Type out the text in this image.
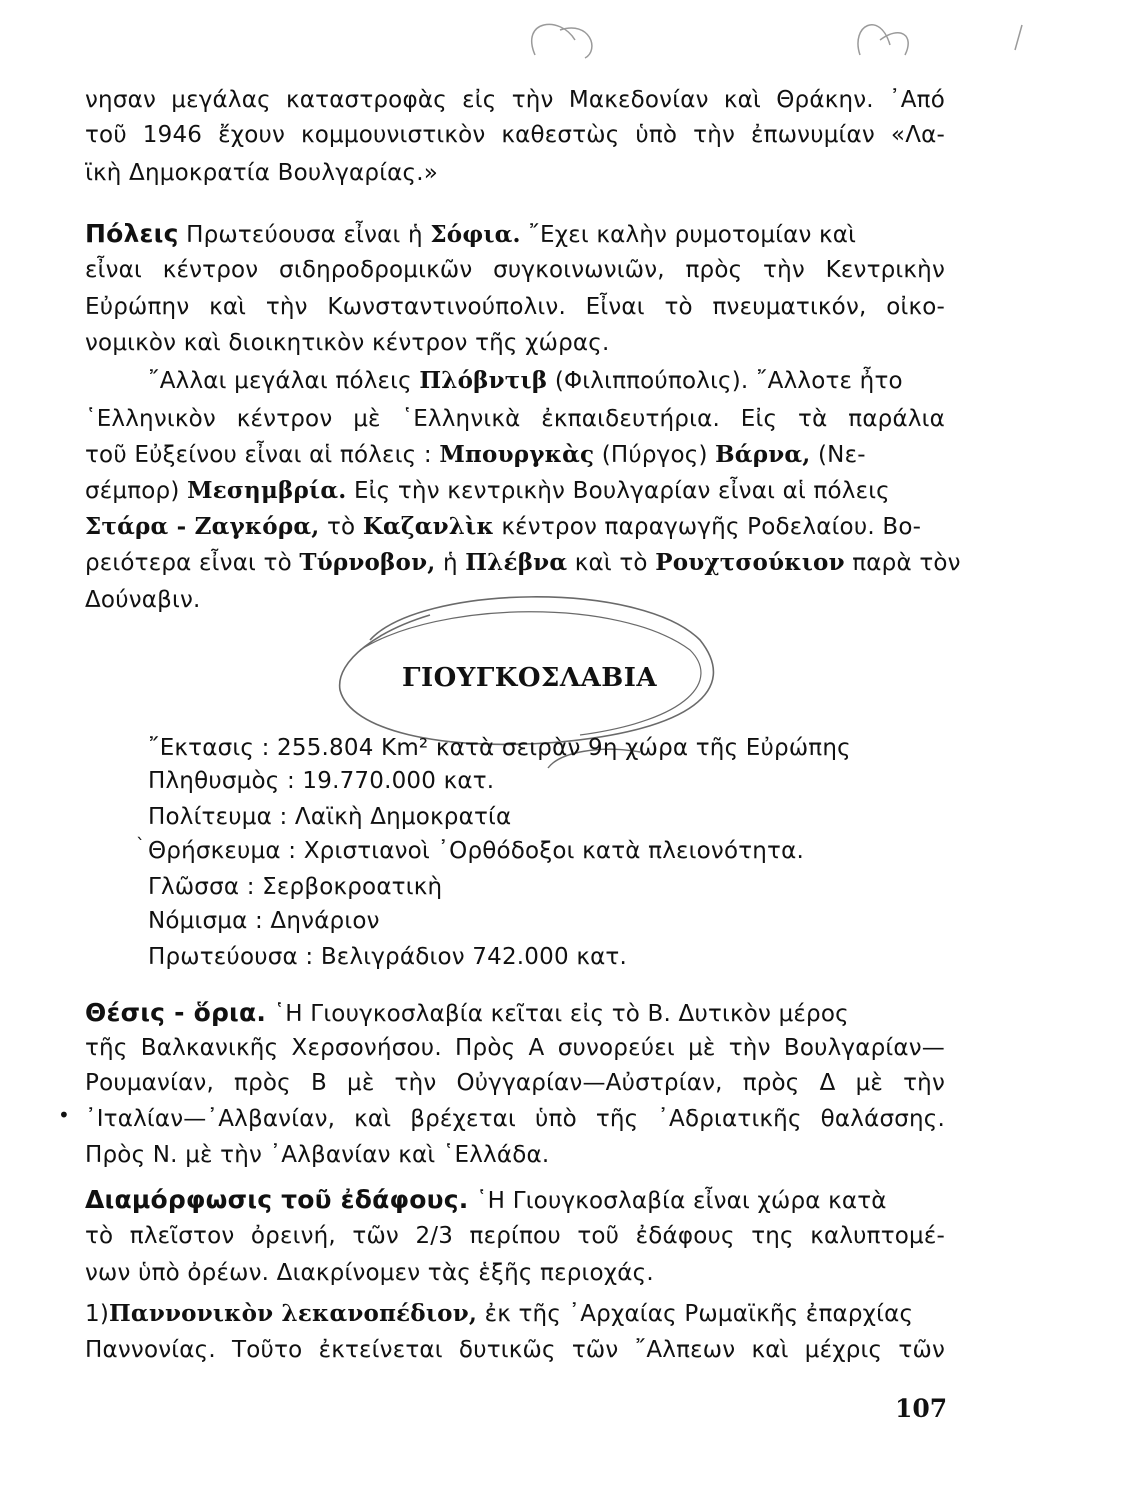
νησαν μεγάλας καταστροφὰς εἰς τὴν Μακεδονίαν καὶ Θράκην. ᾿Από
τοῦ 1946 ἔχουν κομμουνιστικὸν καθεστὼς ὑπὸ τὴν ἐπωνυμίαν «Λα-
ϊκὴ Δημοκρατία Βουλγαρίας.»
Πόλεις Πρωτεύουσα εἶναι ἡ Σόφια. ῎Εχει καλὴν ρυμοτομίαν καὶ
εἶναι κέντρον σιδηροδρομικῶν συγκοινωνιῶν, πρὸς τὴν Κεντρικὴν
Εὐρώπην καὶ τὴν Κωνσταντινούπολιν. Εἶναι τὸ πνευματικόν, οἰκο-
νομικὸν καὶ διοικητικὸν κέντρον τῆς χώρας.
῎Αλλαι μεγάλαι πόλεις Πλόβντιβ (Φιλιππούπολις). ῎Αλλοτε ἦτο
῾Ελληνικὸν κέντρον μὲ ῾Ελληνικὰ ἐκπαιδευτήρια. Εἰς τὰ παράλια
τοῦ Εὐξείνου εἶναι αἱ πόλεις : Μπουργκὰς (Πύργος) Βάρνα, (Νε-
σέμπορ) Μεσημβρία. Εἰς τὴν κεντρικὴν Βουλγαρίαν εἶναι αἱ πόλεις
Στάρα - Ζαγκόρα, τὸ Καζανλὶκ κέντρον παραγωγῆς Ροδελαίου. Βο-
ρειότερα εἶναι τὸ Τύρνοβον, ἡ Πλέβνα καὶ τὸ Ρουχτσούκιον παρὰ τὸν
Δούναβιν.
ΓΙΟΥΓΚΟΣΛΑΒΙΑ
῎Εκτασις : 255.804 Km² κατὰ σειρὰν 9η χώρα τῆς Εὐρώπης
Πληθυσμὸς : 19.770.000 κατ.
Πολίτευμα : Λαϊκὴ Δημοκρατία
Θρήσκευμα : Χριστιανοὶ ᾿Ορθόδοξοι κατὰ πλειονότητα.
Γλῶσσα : Σερβοκροατικὴ
Νόμισμα : Δηνάριον
Πρωτεύουσα : Βελιγράδιον 742.000 κατ.
`
Θέσις - ὅρια. ῾Η Γιουγκοσλαβία κεῖται εἰς τὸ Β. Δυτικὸν μέρος
τῆς Βαλκανικῆς Χερσονήσου. Πρὸς Α συνορεύει μὲ τὴν Βουλγαρίαν—
Ρουμανίαν, πρὸς Β μὲ τὴν Οὐγγαρίαν—Αὐστρίαν, πρὸς Δ μὲ τὴν
• ᾿Ιταλίαν—᾿Αλβανίαν, καὶ βρέχεται ὑπὸ τῆς ᾿Αδριατικῆς θαλάσσης.
Πρὸς Ν. μὲ τὴν ᾿Αλβανίαν καὶ ῾Ελλάδα.
Διαμόρφωσις τοῦ ἐδάφους. ῾Η Γιουγκοσλαβία εἶναι χώρα κατὰ
τὸ πλεῖστον ὀρεινή, τῶν 2/3 περίπου τοῦ ἐδάφους της καλυπτομέ-
νων ὑπὸ ὀρέων. Διακρίνομεν τὰς ἑξῆς περιοχάς.
1)Παννονικὸν λεκανοπέδιον, ἐκ τῆς ᾿Αρχαίας Ρωμαϊκῆς ἐπαρχίας
Παννονίας. Τοῦτο ἐκτείνεται δυτικῶς τῶν ῎Αλπεων καὶ μέχρις τῶν
107
